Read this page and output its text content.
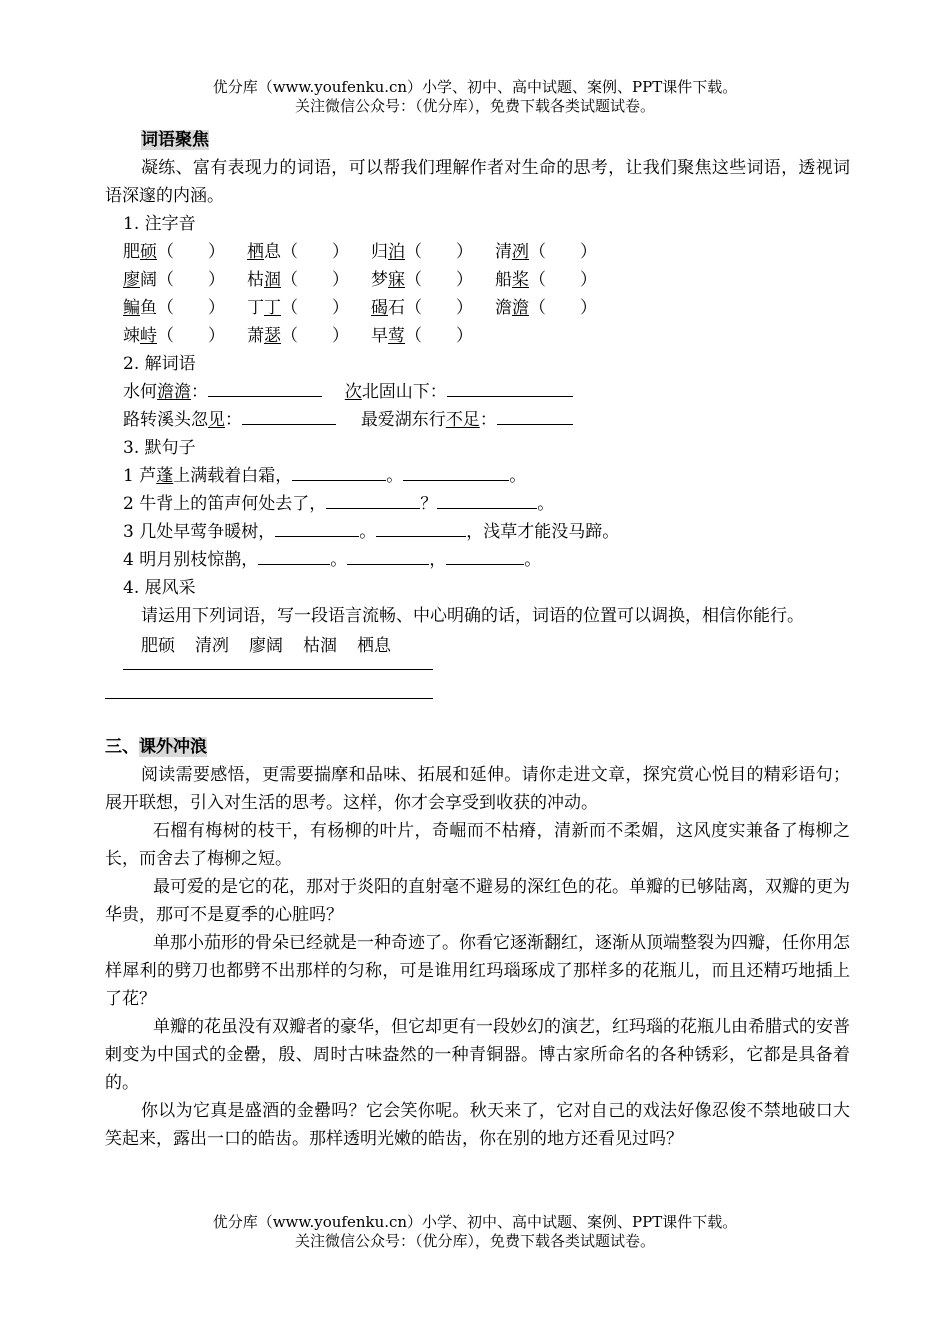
优分库（www.youfenku.cn）小学、初中、高中试题、案例、PPT课件下载。
关注微信公众号：（优分库），免费下载各类试题试卷。
词语聚焦

凝练、富有表现力的词语，可以帮我们理解作者对生命的思考，让我们聚焦这些词语，透视词语深邃的内涵。

1. 注字音
肥硕（　　）	栖息（　　）	归泊（　　）	清冽（　　）
廖阔（　　）	枯涸（　　）	梦寐（　　）	船桨（　　）
鳊鱼（　　）	丁丁（　　）	碣石（　　）	澹澹（　　）
竦峙（　　）	萧瑟（　　）	早莺（　　）
2. 解词语
水何澹澹：	次北固山下：
路转溪头忽见：	最爱湖东行不足：
3. 默句子
1 芦蓬上满载着白霜，	。	。
2 牛背上的笛声何处去了，	？	。
3 几处早莺争暖树，	。	，浅草才能没马蹄。
4 明月别枝惊鹊，	。	，	。
4. 展风采

请运用下列词语，写一段语言流畅、中心明确的话，词语的位置可以调换，相信你能行。

肥硕 清冽 廖阔 枯涸 栖息
三、课外冲浪

阅读需要感悟，更需要揣摩和品味、拓展和延伸。请你走进文章，探究赏心悦目的精彩语句；展开联想，引入对生活的思考。这样，你才会享受到收获的冲动。

石榴有梅树的枝干，有杨柳的叶片，奇崛而不枯瘠，清新而不柔媚，这风度实兼备了梅柳之长，而舍去了梅柳之短。

最可爱的是它的花，那对于炎阳的直射毫不避易的深红色的花。单瓣的已够陆离，双瓣的更为华贵，那可不是夏季的心脏吗？

单那小茄形的骨朵已经就是一种奇迹了。你看它逐渐翻红，逐渐从顶端整裂为四瓣，任你用怎样犀利的劈刀也都劈不出那样的匀称，可是谁用红玛瑙琢成了那样多的花瓶儿，而且还精巧地插上了花？

单瓣的花虽没有双瓣者的豪华，但它却更有一段妙幻的演艺，红玛瑙的花瓶儿由希腊式的安普剌变为中国式的金罍，殷、周时古味盎然的一种青铜器。博古家所命名的各种锈彩，它都是具备着的。

你以为它真是盛酒的金罍吗？它会笑你呢。秋天来了，它对自己的戏法好像忍俊不禁地破口大笑起来，露出一口的皓齿。那样透明光嫩的皓齿，你在别的地方还看见过吗？

优分库（www.youfenku.cn）小学、初中、高中试题、案例、PPT课件下载。
关注微信公众号：（优分库），免费下载各类试题试卷。
